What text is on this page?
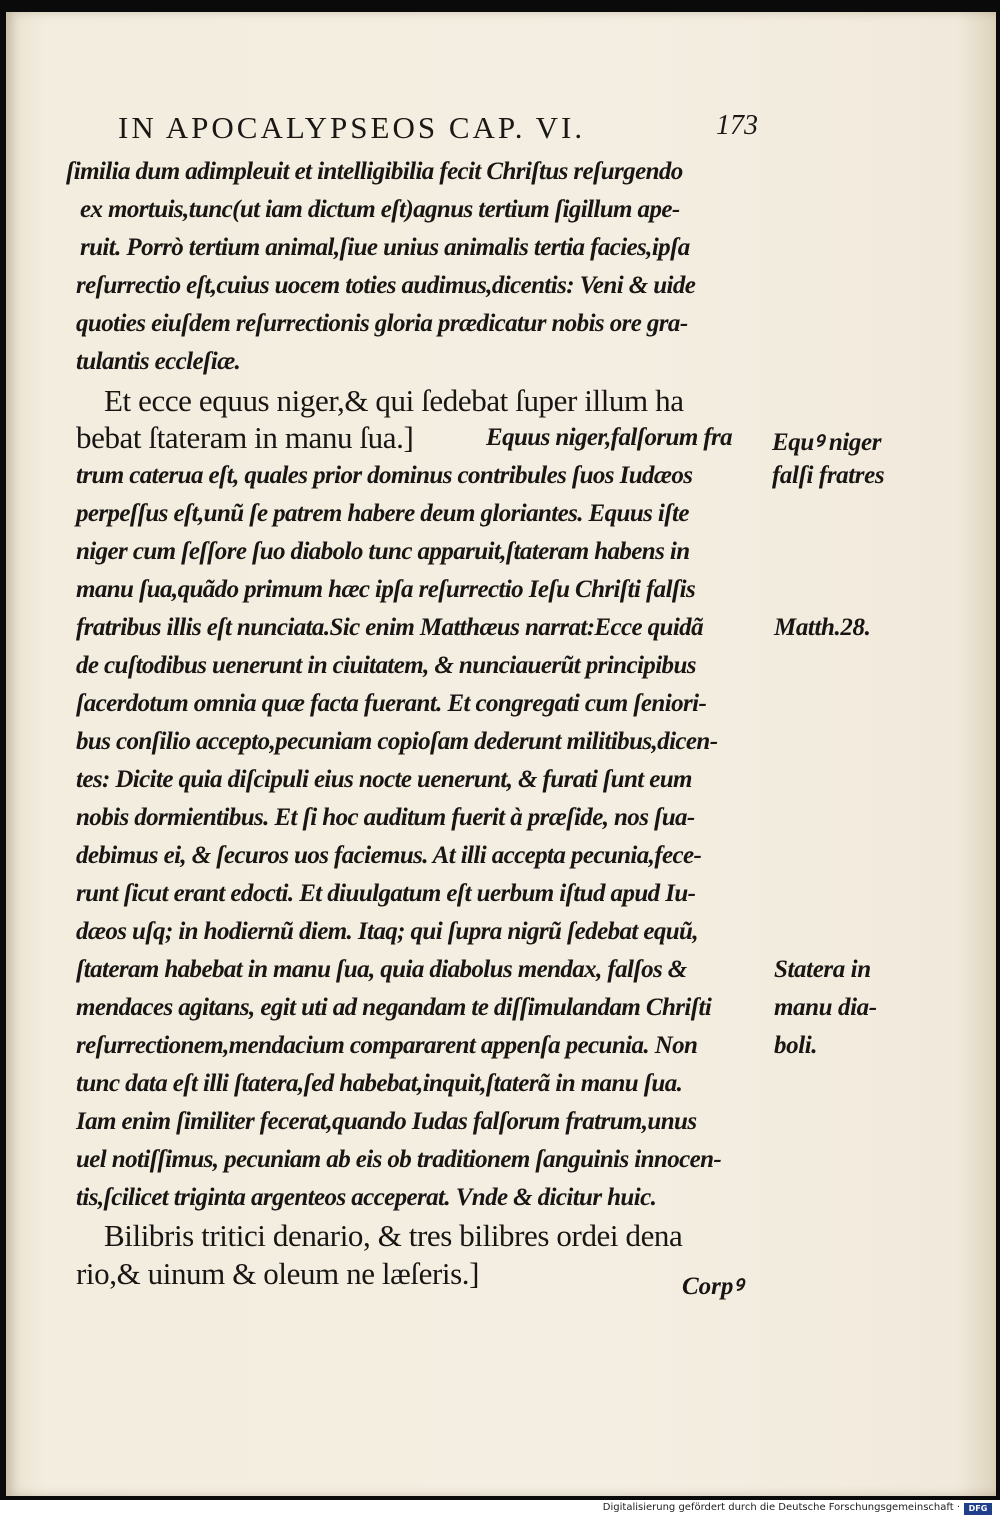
IN APOCALYPSEOS CAP. VI.	173
ſimilia dum adimpleuit et intelligibilia fecit Chriſtus reſurgendo
ex mortuis,tunc(ut iam dictum eſt)agnus tertium ſigillum ape-
ruit. Porrò tertium animal,ſiue unius animalis tertia facies,ipſa
reſurrectio eſt,cuius uocem toties audimus,dicentis: Veni & uide
quoties eiuſdem reſurrectionis gloria prædicatur nobis ore gra-
tulantis eccleſiæ.
Et ecce equus niger,& qui ſedebat ſuper illum ha
bebat ſtateram in manu ſua.]	Equus niger,falſorum fra
trum caterua eſt, quales prior dominus contribules ſuos Iudæos
perpeſſus eſt,unũ ſe patrem habere deum gloriantes. Equus iſte
niger cum ſeſſore ſuo diabolo tunc apparuit,ſtateram habens in
manu ſua,quãdo primum hæc ipſa reſurrectio Ieſu Chriſti falſis
fratribus illis eſt nunciata.Sic enim Matthæus narrat:Ecce quidã
de cuſtodibus uenerunt in ciuitatem, & nunciauerũt principibus
ſacerdotum omnia quæ facta fuerant. Et congregati cum ſeniori-
bus conſilio accepto,pecuniam copioſam dederunt militibus,dicen-
tes: Dicite quia diſcipuli eius nocte uenerunt, & furati ſunt eum
nobis dormientibus. Et ſi hoc auditum fuerit à præſide, nos ſua-
debimus ei, & ſecuros uos faciemus. At illi accepta pecunia,fece-
runt ſicut erant edocti. Et diuulgatum eſt uerbum iſtud apud Iu-
dæos uſq; in hodiernũ diem. Itaq; qui ſupra nigrũ ſedebat equũ,
ſtateram habebat in manu ſua, quia diabolus mendax, falſos &
mendaces agitans, egit uti ad negandam te diſſimulandam Chriſti
reſurrectionem,mendacium compararent appenſa pecunia. Non
tunc data eſt illi ſtatera,ſed habebat,inquit,ſtaterã in manu ſua.
Iam enim ſimiliter fecerat,quando Iudas falſorum fratrum,unus
uel notiſſimus, pecuniam ab eis ob traditionem ſanguinis innocen-
tis,ſcilicet triginta argenteos acceperat. Vnde & dicitur huic.
Bilibris tritici denario, & tres bilibres ordei dena
rio,& uinum & oleum ne læſeris.]
Equꝰ niger
falſi fratres
Matth.28.
Statera in
manu dia-
boli.
Corpꝰ
Digitalisierung gefördert durch die Deutsche Forschungsgemeinschaft ·	DFG
